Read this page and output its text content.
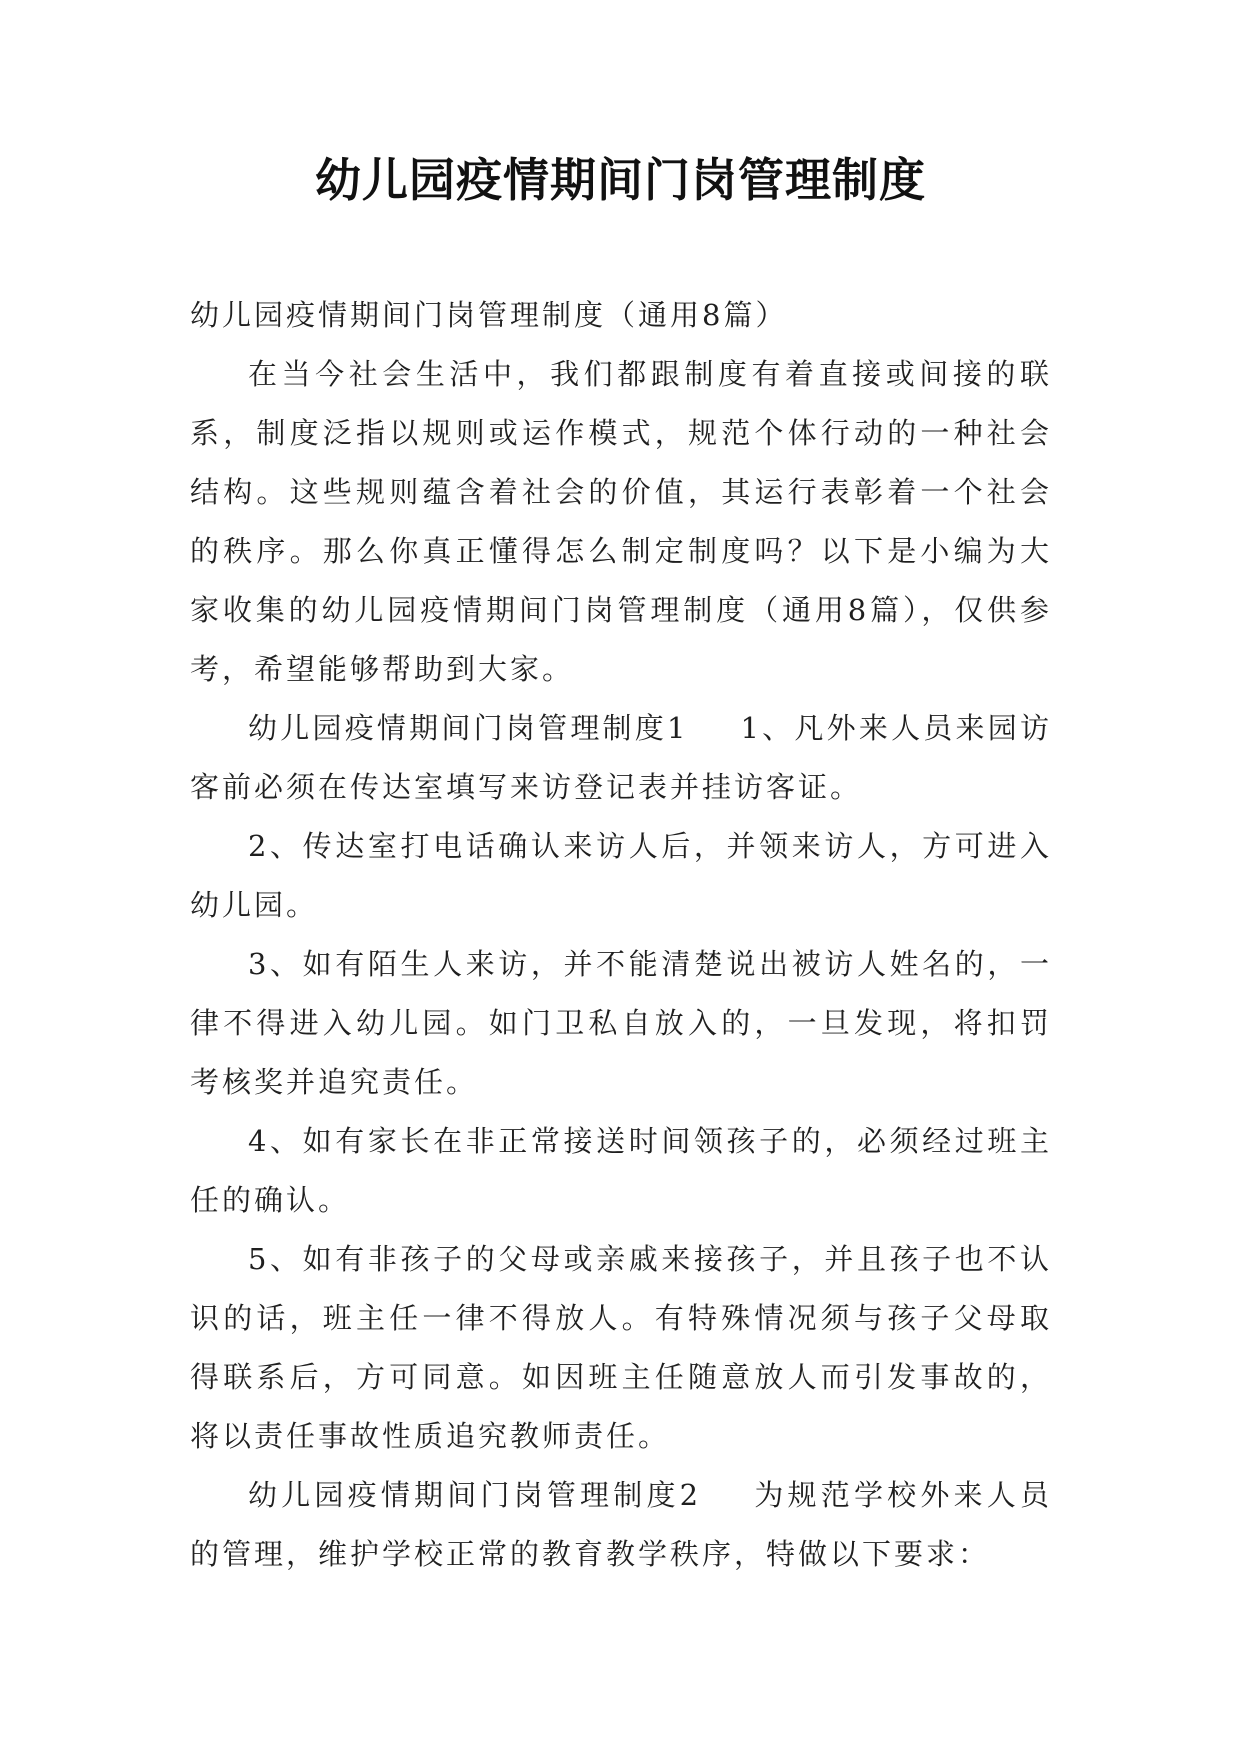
幼儿园疫情期间门岗管理制度

幼儿园疫情期间门岗管理制度（通用8篇）

在当今社会生活中，我们都跟制度有着直接或间接的联系，制度泛指以规则或运作模式，规范个体行动的一种社会结构。这些规则蕴含着社会的价值，其运行表彰着一个社会的秩序。那么你真正懂得怎么制定制度吗？以下是小编为大家收集的幼儿园疫情期间门岗管理制度（通用8篇），仅供参考，希望能够帮助到大家。

幼儿园疫情期间门岗管理制度1 1、凡外来人员来园访客前必须在传达室填写来访登记表并挂访客证。

2、传达室打电话确认来访人后，并领来访人，方可进入幼儿园。

3、如有陌生人来访，并不能清楚说出被访人姓名的，一律不得进入幼儿园。如门卫私自放入的，一旦发现，将扣罚考核奖并追究责任。

4、如有家长在非正常接送时间领孩子的，必须经过班主任的确认。

5、如有非孩子的父母或亲戚来接孩子，并且孩子也不认识的话，班主任一律不得放人。有特殊情况须与孩子父母取得联系后，方可同意。如因班主任随意放人而引发事故的，将以责任事故性质追究教师责任。

幼儿园疫情期间门岗管理制度2 为规范学校外来人员的管理，维护学校正常的教育教学秩序，特做以下要求：
